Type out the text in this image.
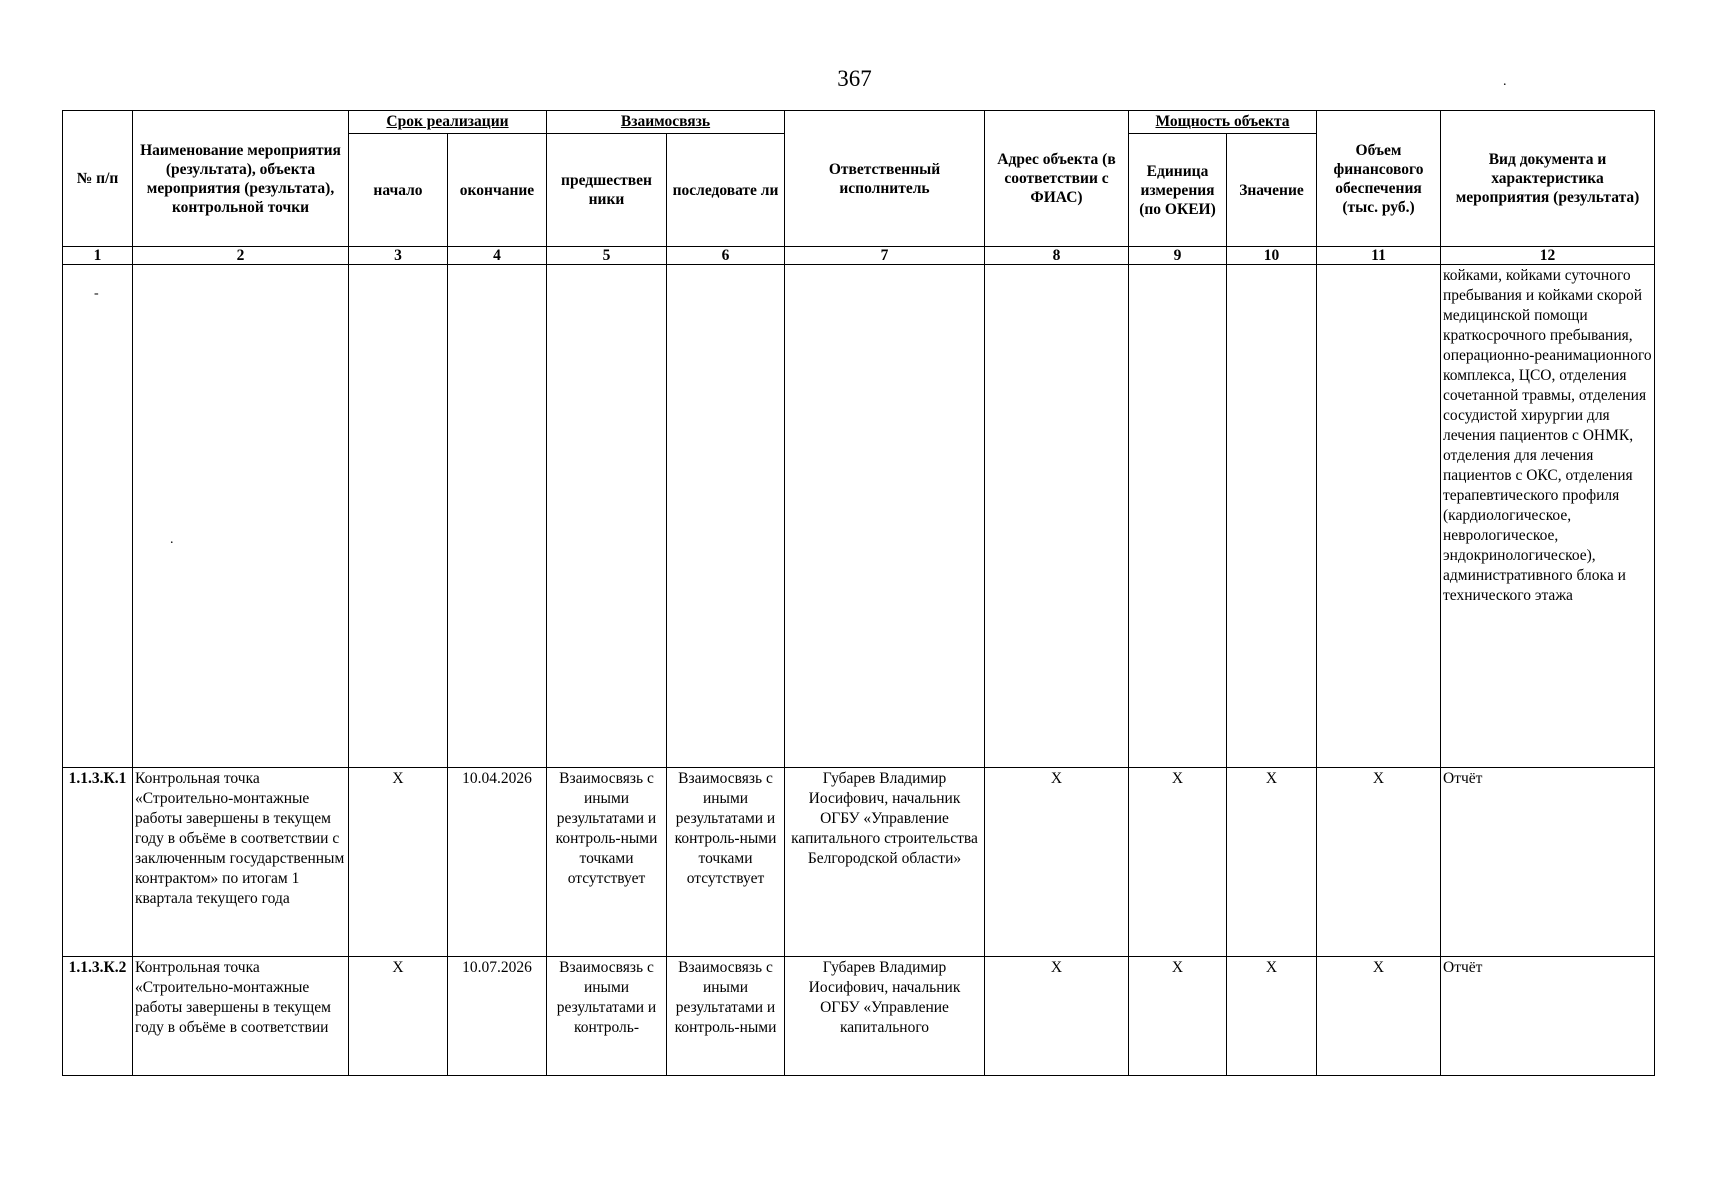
367	.
-
.
№ п/п	Наименование мероприятия (результата), объекта мероприятия (результата), контрольной точки	Срок реализации		Взаимосвязь		Ответственный исполнитель	Адрес объекта (в соответствии с ФИАС)	Мощность объекта		Объем финансового обеспечения (тыс. руб.)	Вид документа и характеристика мероприятия (результата)
		начало	окончание	предшествен ники	последовате ли			Единица измерения (по ОКЕИ)	Значение		
1	2	3	4	5	6	7	8	9	10	11	12
											койками, койками суточного пребывания и койками скорой медицинской помощи краткосрочного пребывания, операционно-реанимационного комплекса, ЦСО, отделения сочетанной травмы, отделения сосудистой хирургии для лечения пациентов с ОНМК, отделения для лечения пациентов с ОКС, отделения терапевтического профиля (кардиологическое, неврологическое, эндокринологическое), административного блока и технического этажа
1.1.3.К.1	Контрольная точка «Строительно-монтажные работы завершены в текущем году в объёме в соответствии с заключенным государственным контрактом» по итогам 1 квартала текущего года	Х	10.04.2026	Взаимосвязь с иными результатами и контроль-ными точками отсутствует	Взаимосвязь с иными результатами и контроль-ными точками отсутствует	Губарев Владимир Иосифович, начальник ОГБУ «Управление капитального строительства Белгородской области»	Х	Х	Х	Х	Отчёт
1.1.3.К.2	Контрольная точка «Строительно-монтажные работы завершены в текущем году в объёме в соответствии	Х	10.07.2026	Взаимосвязь с иными результатами и контроль-	Взаимосвязь с иными результатами и контроль-ными	Губарев Владимир Иосифович, начальник ОГБУ «Управление капитального	Х	Х	Х	Х	Отчёт
